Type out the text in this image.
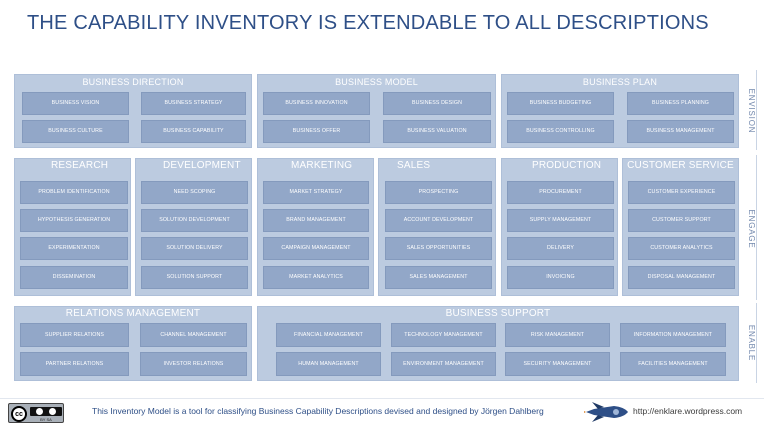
THE CAPABILITY INVENTORY IS EXTENDABLE TO ALL DESCRIPTIONS
BUSINESS DIRECTION
BUSINESS VISION	BUSINESS STRATEGY
BUSINESS CULTURE	BUSINESS CAPABILITY
BUSINESS MODEL
BUSINESS INNOVATION	BUSINESS DESIGN
BUSINESS OFFER	BUSINESS VALUATION
BUSINESS PLAN
BUSINESS BUDGETING	BUSINESS PLANNING
BUSINESS CONTROLLING	BUSINESS MANAGEMENT
RESEARCH
PROBLEM IDENTIFICATION
HYPOTHESIS GENERATION
EXPERIMENTATION
DISSEMINATION
DEVELOPMENT
NEED SCOPING
SOLUTION DEVELOPMENT
SOLUTION DELIVERY
SOLUTION SUPPORT
MARKETING
MARKET STRATEGY
BRAND MANAGEMENT
CAMPAIGN MANAGEMENT
MARKET ANALYTICS
SALES
PROSPECTING
ACCOUNT DEVELOPMENT
SALES OPPORTUNITIES
SALES MANAGEMENT
PRODUCTION
PROCUREMENT
SUPPLY MANAGEMENT
DELIVERY
INVOICING
CUSTOMER SERVICE
CUSTOMER EXPERIENCE
CUSTOMER SUPPORT
CUSTOMER ANALYTICS
DISPOSAL MANAGEMENT
RELATIONS MANAGEMENT
SUPPLIER RELATIONS	CHANNEL MANAGEMENT
PARTNER RELATIONS	INVESTOR RELATIONS
BUSINESS SUPPORT
FINANCIAL MANAGEMENT	TECHNOLOGY MANAGEMENT	RISK MANAGEMENT	INFORMATION MANAGEMENT
HUMAN MANAGEMENT	ENVIRONMENT MANAGEMENT	SECURITY MANAGEMENT	FACILITIES MANAGEMENT
ENVISION
ENGAGE
ENABLE
cc
BY SA
This Inventory Model is a tool for classifying Business Capability Descriptions devised and designed by Jörgen Dahlberg	http://enklare.wordpress.com
